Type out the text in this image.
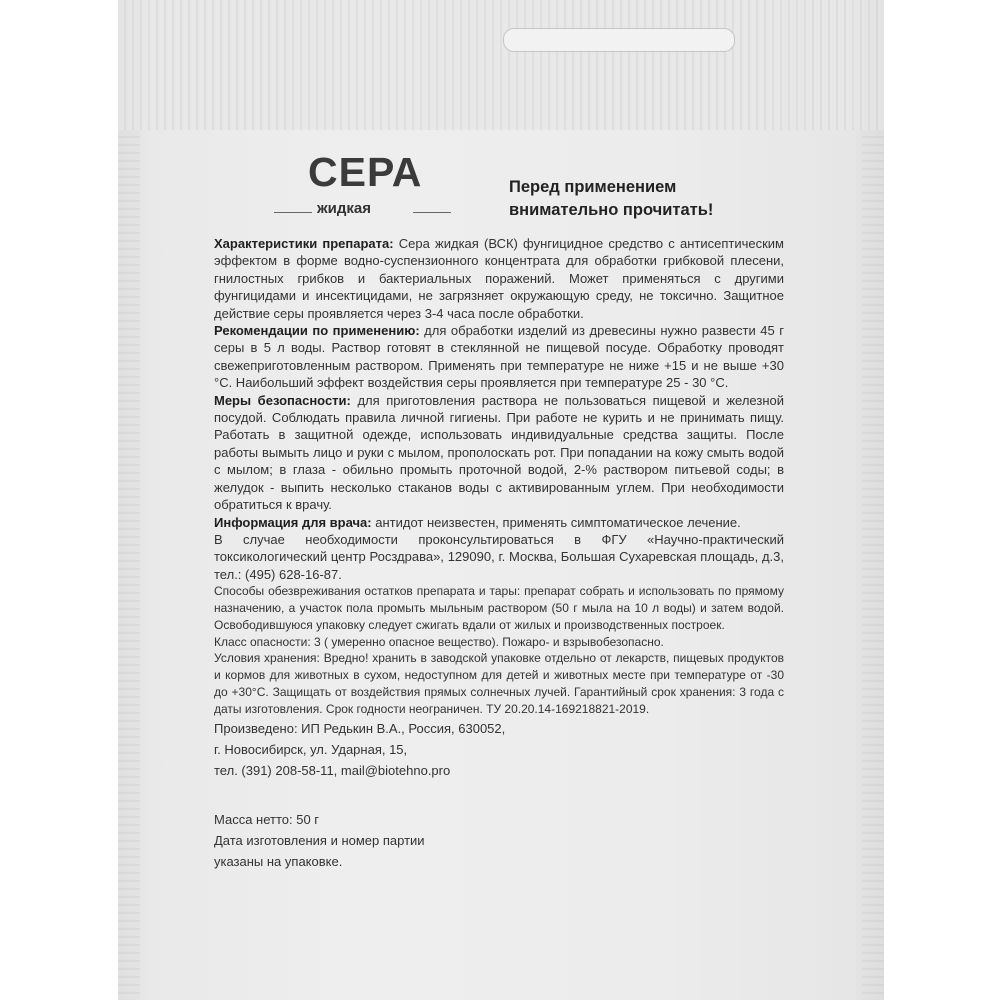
СЕРА
жидкая
Перед применением
внимательно прочитать!

Характеристики препарата: Сера жидкая (ВСК) фунгицидное средство с антисептическим эффектом в форме водно-суспензионного концентрата для обработки грибковой плесени, гнилостных грибков и бактериальных поражений. Может применяться с другими фунгицидами и инсектицидами, не загрязняет окружающую среду, не токсично. Защитное действие серы проявляется через 3-4 часа после обработки.

Рекомендации по применению: для обработки изделий из древесины нужно развести 45 г серы в 5 л воды. Раствор готовят в стеклянной не пищевой посуде. Обработку проводят свежеприготовленным раствором. Применять при температуре не ниже +15 и не выше +30 °С. Наибольший эффект воздействия серы проявляется при температуре 25 - 30 °С.

Меры безопасности: для приготовления раствора не пользоваться пищевой и железной посудой. Соблюдать правила личной гигиены. При работе не курить и не принимать пищу. Работать в защитной одежде, использовать индивидуальные средства защиты. После работы вымыть лицо и руки с мылом, прополоскать рот. При попадании на кожу смыть водой с мылом; в глаза - обильно промыть проточной водой, 2-% раствором питьевой соды; в желудок - выпить несколько стаканов воды с активированным углем. При необходимости обратиться к врачу.

Информация для врача: антидот неизвестен, применять симптоматическое лечение.

В случае необходимости проконсультироваться в ФГУ «Научно-практический токсикологический центр Росздрава», 129090, г. Москва, Большая Сухаревская площадь, д.3, тел.: (495) 628-16-87.

Способы обезвреживания остатков препарата и тары: препарат собрать и использовать по прямому назначению, а участок пола промыть мыльным раствором (50 г мыла на 10 л воды) и затем водой. Освободившуюся упаковку следует сжигать вдали от жилых и производственных построек.

Класс опасности: 3 ( умеренно опасное вещество). Пожаро- и взрывобезопасно.

Условия хранения: Вредно! хранить в заводской упаковке отдельно от лекарств, пищевых продуктов и кормов для животных в сухом, недоступном для детей и животных месте при температуре от -30 до +30°С. Защищать от воздействия прямых солнечных лучей. Гарантийный срок хранения: 3 года с даты изготовления. Срок годности неограничен. ТУ 20.20.14-169218821-2019.

Произведено: ИП Редькин В.А., Россия, 630052,
г. Новосибирск, ул. Ударная, 15,
тел. (391) 208-58-11, mail@biotehno.pro
Масса нетто: 50 г
Дата изготовления и номер партии
указаны на упаковке.
